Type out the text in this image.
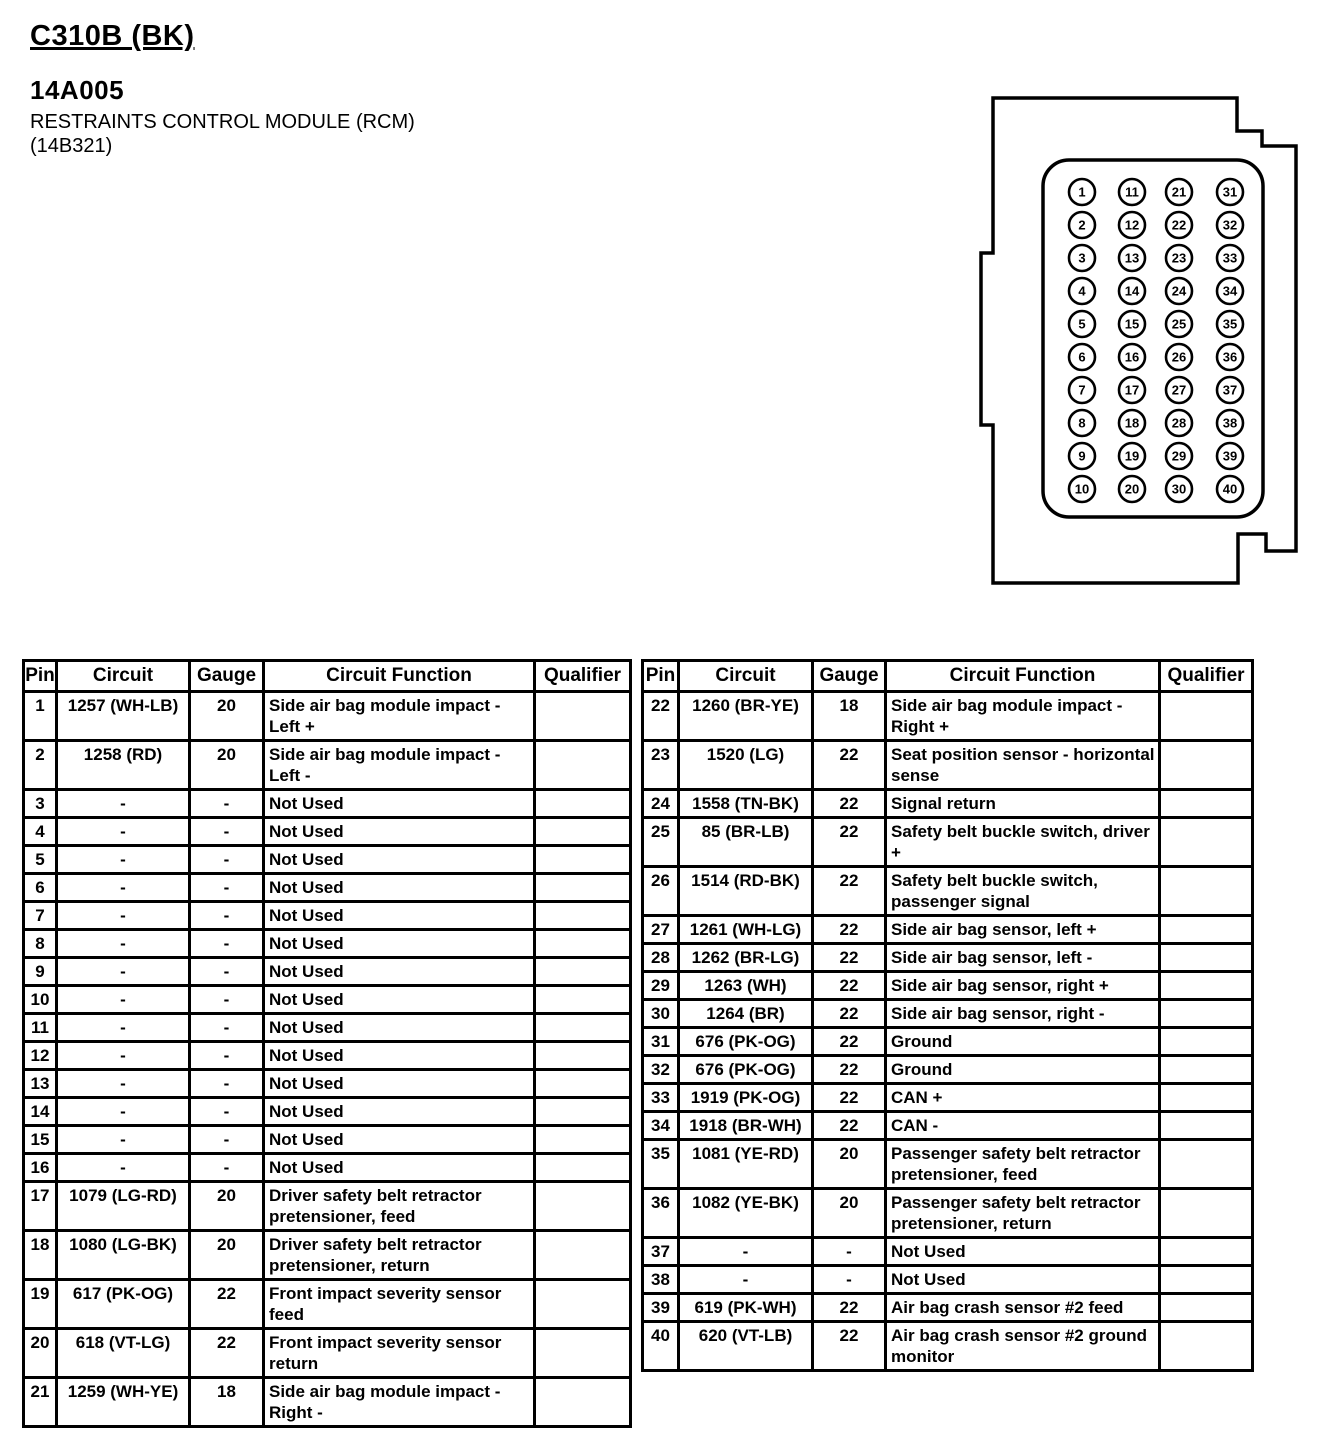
C310B (BK)
14A005
RESTRAINTS CONTROL MODULE (RCM)
(14B321)
1
2
3
4
5
6
7
8
9
10
11
12
13
14
15
16
17
18
19
20
21
22
23
24
25
26
27
28
29
30
31
32
33
34
35
36
37
38
39
40
Pin	Circuit	Gauge	Circuit Function	Qualifier
1	1257 (WH-LB)	20	Side air bag module impact - Left +	
2	1258 (RD)	20	Side air bag module impact - Left -	
3	-	-	Not Used	
4	-	-	Not Used	
5	-	-	Not Used	
6	-	-	Not Used	
7	-	-	Not Used	
8	-	-	Not Used	
9	-	-	Not Used	
10	-	-	Not Used	
11	-	-	Not Used	
12	-	-	Not Used	
13	-	-	Not Used	
14	-	-	Not Used	
15	-	-	Not Used	
16	-	-	Not Used	
17	1079 (LG-RD)	20	Driver safety belt retractor pretensioner, feed	
18	1080 (LG-BK)	20	Driver safety belt retractor pretensioner, return	
19	617 (PK-OG)	22	Front impact severity sensor feed	
20	618 (VT-LG)	22	Front impact severity sensor return	
21	1259 (WH-YE)	18	Side air bag module impact - Right -	
Pin	Circuit	Gauge	Circuit Function	Qualifier
22	1260 (BR-YE)	18	Side air bag module impact - Right +	
23	1520 (LG)	22	Seat position sensor - horizontal sense	
24	1558 (TN-BK)	22	Signal return	
25	85 (BR-LB)	22	Safety belt buckle switch, driver +	
26	1514 (RD-BK)	22	Safety belt buckle switch, passenger signal	
27	1261 (WH-LG)	22	Side air bag sensor, left +	
28	1262 (BR-LG)	22	Side air bag sensor, left -	
29	1263 (WH)	22	Side air bag sensor, right +	
30	1264 (BR)	22	Side air bag sensor, right -	
31	676 (PK-OG)	22	Ground	
32	676 (PK-OG)	22	Ground	
33	1919 (PK-OG)	22	CAN +	
34	1918 (BR-WH)	22	CAN -	
35	1081 (YE-RD)	20	Passenger safety belt retractor pretensioner, feed	
36	1082 (YE-BK)	20	Passenger safety belt retractor pretensioner, return	
37	-	-	Not Used	
38	-	-	Not Used	
39	619 (PK-WH)	22	Air bag crash sensor #2 feed	
40	620 (VT-LB)	22	Air bag crash sensor #2 ground monitor	
